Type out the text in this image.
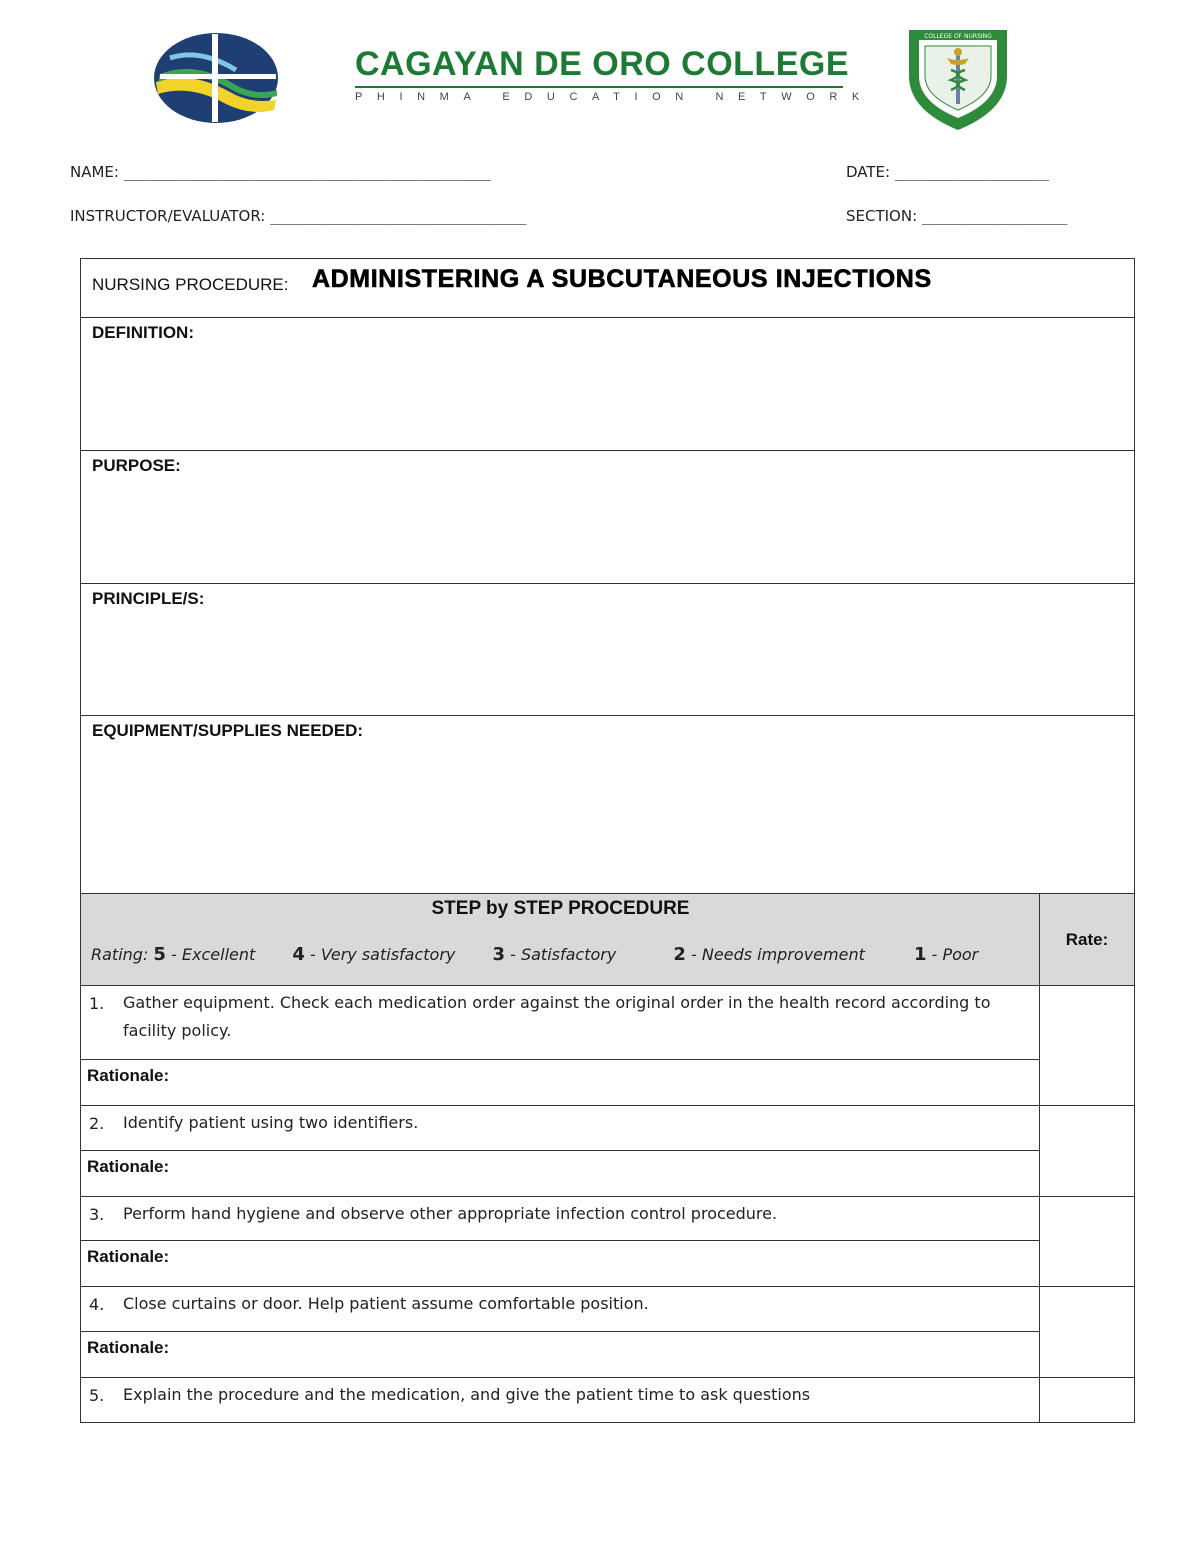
CAGAYAN DE ORO COLLEGE
PHINMA EDUCATION NETWORK
COLLEGE OF NURSING
NAME: ___________________________________________	DATE: __________________
INSTRUCTOR/EVALUATOR: ______________________________	SECTION: _________________
NURSING PROCEDURE: ADMINISTERING A SUBCUTANEOUS INJECTIONS
DEFINITION:
PURPOSE:
PRINCIPLE/S:
EQUIPMENT/SUPPLIES NEEDED:
STEP by STEP PROCEDURE
Rating: 5 - Excellent 4 - Very satisfactory 3 - Satisfactory	2 - Needs improvement	1 - Poor
Rate:
1.	Gather equipment. Check each medication order against the original order in the health record according to facility policy.
Rationale:
2.	Identify patient using two identifiers.
Rationale:
3.	Perform hand hygiene and observe other appropriate infection control procedure.
Rationale:
4.	Close curtains or door. Help patient assume comfortable position.
Rationale:
5.	Explain the procedure and the medication, and give the patient time to ask questions
